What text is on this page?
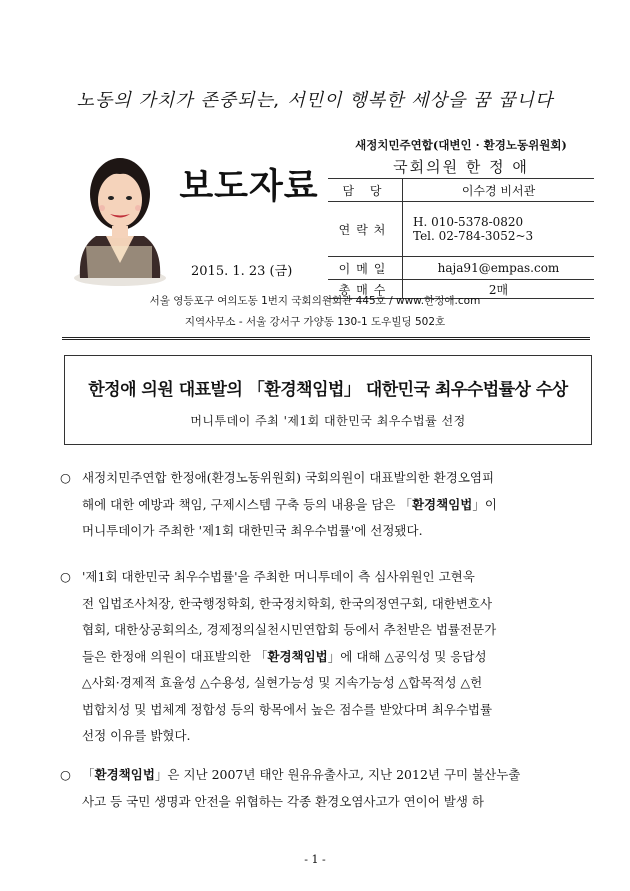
노동의 가치가 존중되는, 서민이 행복한 세상을 꿈 꿉니다
보도자료
2015. 1. 23 (금)
새정치민주연합(대변인 · 환경노동위원회)
국회의원 한 정 애
담 당	이수경 비서관
연락처	H. 010-5378-0820
Tel. 02-784-3052~3

이메일	haja91@empas.com
총매수	2매
서울 영등포구 여의도동 1번지 국회의원회관 445호 / www.한정애.com
지역사무소 - 서울 강서구 가양동 130-1 도우빌딩 502호
한정애 의원 대표발의 「환경책임법」 대한민국 최우수법률상 수상
머니투데이 주최 '제1회 대한민국 최우수법률 선정
○ 새정치민주연합 한정애(환경노동위원회) 국회의원이 대표발의한 환경오염피

해에 대한 예방과 책임, 구제시스템 구축 등의 내용을 담은 「환경책임법」이

머니투데이가 주최한 '제1회 대한민국 최우수법률'에 선정됐다.

○ '제1회 대한민국 최우수법률'을 주최한 머니투데이 측 심사위원인 고현욱

전 입법조사처장, 한국행정학회, 한국정치학회, 한국의정연구회, 대한변호사

협회, 대한상공회의소, 경제정의실천시민연합회 등에서 추천받은 법률전문가

들은 한정애 의원이 대표발의한 「환경책임법」에 대해 △공익성 및 응답성

△사회·경제적 효율성 △수용성, 실현가능성 및 지속가능성 △합목적성 △헌

법합치성 및 법체계 정합성 등의 항목에서 높은 점수를 받았다며 최우수법률

선정 이유를 밝혔다.

○ 「환경책임법」은 지난 2007년 태안 원유유출사고, 지난 2012년 구미 불산누출

사고 등 국민 생명과 안전을 위협하는 각종 환경오염사고가 연이어 발생 하

- 1 -
